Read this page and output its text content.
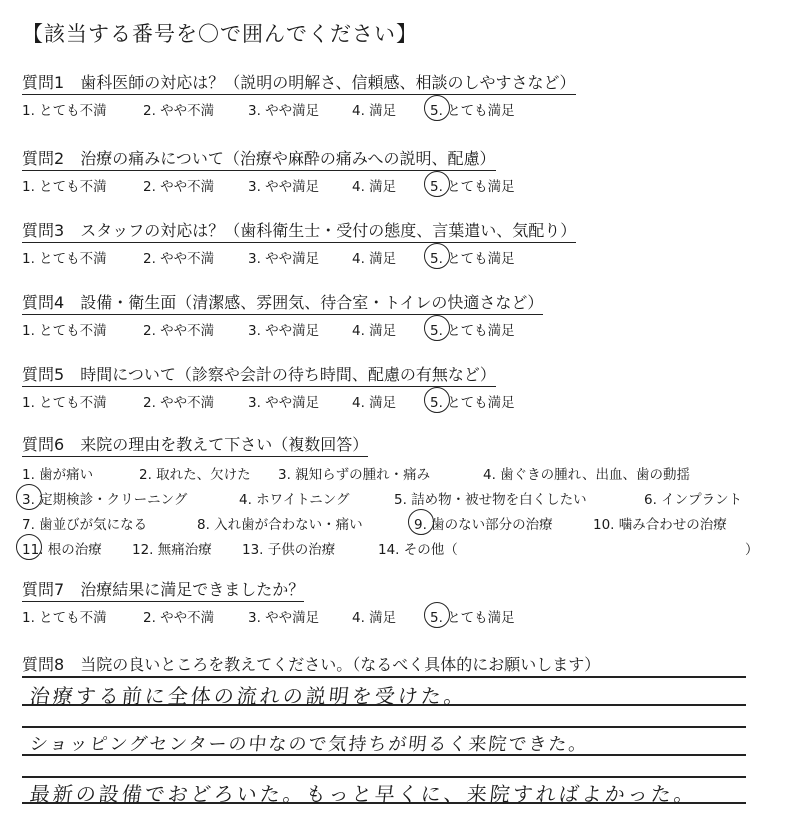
【該当する番号を〇で囲んでください】
質問1 歯科医師の対応は？（説明の明解さ、信頼感、相談のしやすさなど）
1. とても不満	2. やや不満	3. やや満足 4. 満足	5. とても満足
質問2 治療の痛みについて（治療や麻酔の痛みへの説明、配慮）
1. とても不満	2. やや不満	3. やや満足 4. 満足	5. とても満足
質問3 スタッフの対応は？（歯科衛生士・受付の態度、言葉遣い、気配り）
1. とても不満	2. やや不満	3. やや満足 4. 満足	5. とても満足
質問4 設備・衛生面（清潔感、雰囲気、待合室・トイレの快適さなど）
1. とても不満	2. やや不満	3. やや満足 4. 満足	5. とても満足
質問5 時間について（診察や会計の待ち時間、配慮の有無など）
1. とても不満	2. やや不満	3. やや満足 4. 満足	5. とても満足
質問6 来院の理由を教えて下さい（複数回答）
1. 歯が痛い	2. 取れた、欠けた 3. 親知らずの腫れ・痛み	4. 歯ぐきの腫れ、出血、歯の動揺
3. 定期検診・クリーニング	4. ホワイトニング	5. 詰め物・被せ物を白くしたい	6. インプラント
7. 歯並びが気になる	8. 入れ歯が合わない・痛い	9. 歯のない部分の治療	10. 噛み合わせの治療
11. 根の治療 12. 無痛治療 13. 子供の治療	14. その他（	）
質問7 治療結果に満足できましたか？
1. とても不満	2. やや不満	3. やや満足 4. 満足	5. とても満足
質問8 当院の良いところを教えてください。（なるべく具体的にお願いします）
治療する前に全体の流れの説明を受けた。
ショッピングセンターの中なので気持ちが明るく来院できた。
最新の設備でおどろいた。もっと早くに、来院すればよかった。
